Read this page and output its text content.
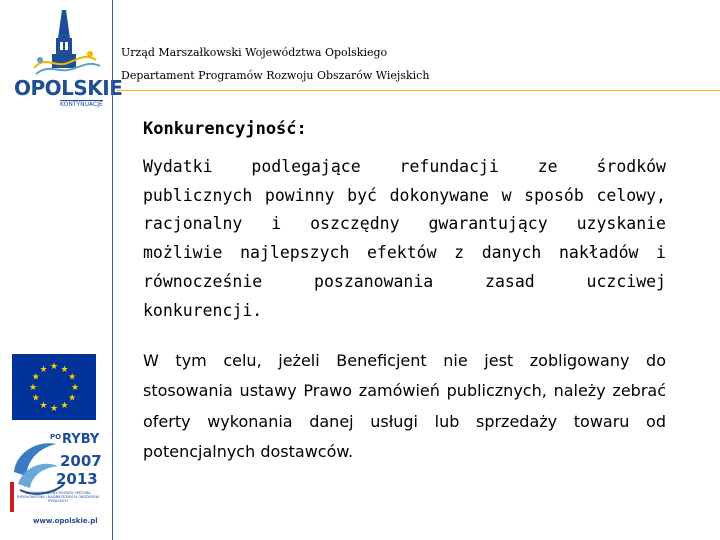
OPOLSKIE
KONTYNUACJE
Urząd Marszałkowski Województwa Opolskiego
Departament Programów Rozwoju Obszarów Wiejskich
Konkurencyjność:

Wydatki podlegające refundacji ze środków publicznych powinny być dokonywane w sposób celowy, racjonalny i oszczędny gwarantujący uzyskanie możliwie najlepszych efektów z danych nakładów i równocześnie poszanowania zasad uczciwej konkurencji.

W tym celu, jeżeli Beneficjent nie jest zobligowany do stosowania ustawy Prawo zamówień publicznych, należy zebrać oferty wykonania danej usługi lub sprzedaży towaru od potencjalnych dostawców.

★ ★
★
★
★
★
★
★
★
★
★
★
PO RYBY
2007
2013
ZRÓWNOWAŻONY ROZWÓJ SEKTORA RYBOŁÓWSTWA I NADBRZEŻNYCH OBSZARÓW RYBACKICH
www.opolskie.pl
